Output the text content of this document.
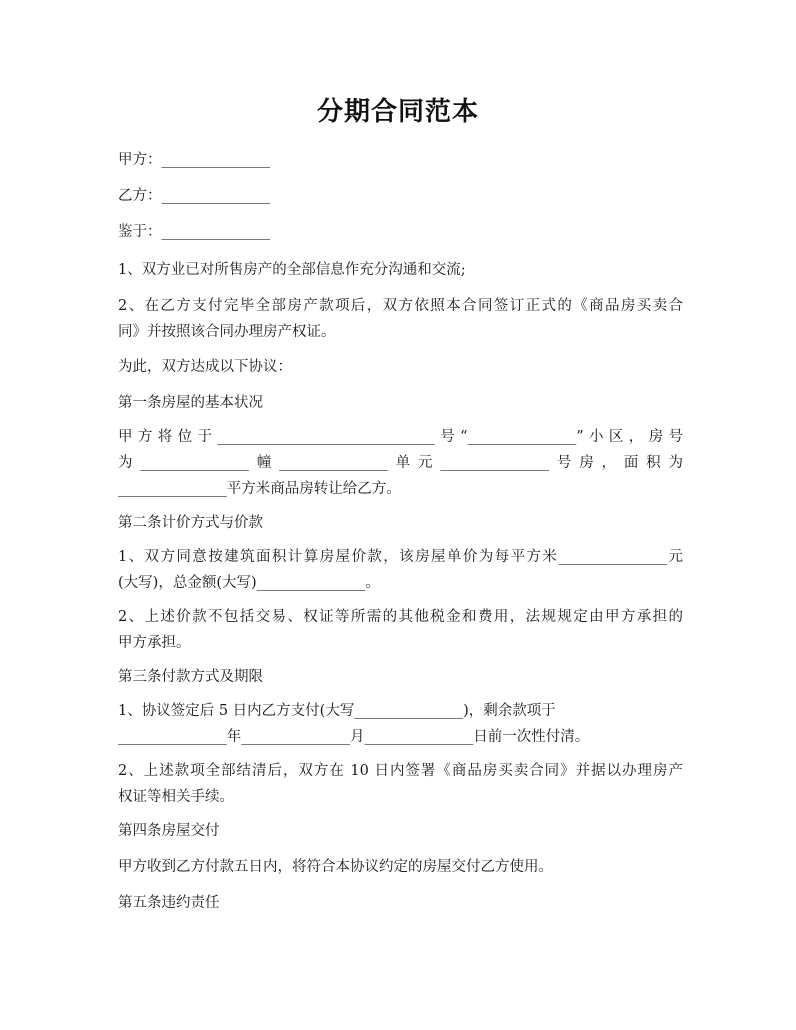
分期合同范本
甲方：_______________
乙方：_______________
鉴于：_______________
1、双方业已对所售房产的全部信息作充分沟通和交流;
2、在乙方支付完毕全部房产款项后，双方依照本合同签订正式的《商品房买卖合
同》并按照该合同办理房产权证。
为此，双方达成以下协议：
第一条房屋的基本状况
甲方将位于______________________________号“_______________”小区，房号
为_______________幢_______________单元_______________号房，面积为
_______________平方米商品房转让给乙方。
第二条计价方式与价款
1、双方同意按建筑面积计算房屋价款，该房屋单价为每平方米_______________元
(大写)，总金额(大写)_______________。
2、上述价款不包括交易、权证等所需的其他税金和费用，法规规定由甲方承担的
甲方承担。
第三条付款方式及期限
1、协议签定后 5 日内乙方支付(大写_______________)，剩余款项于
_______________年_______________月_______________日前一次性付清。
2、上述款项全部结清后，双方在 10 日内签署《商品房买卖合同》并据以办理房产
权证等相关手续。
第四条房屋交付
甲方收到乙方付款五日内，将符合本协议约定的房屋交付乙方使用。
第五条违约责任
